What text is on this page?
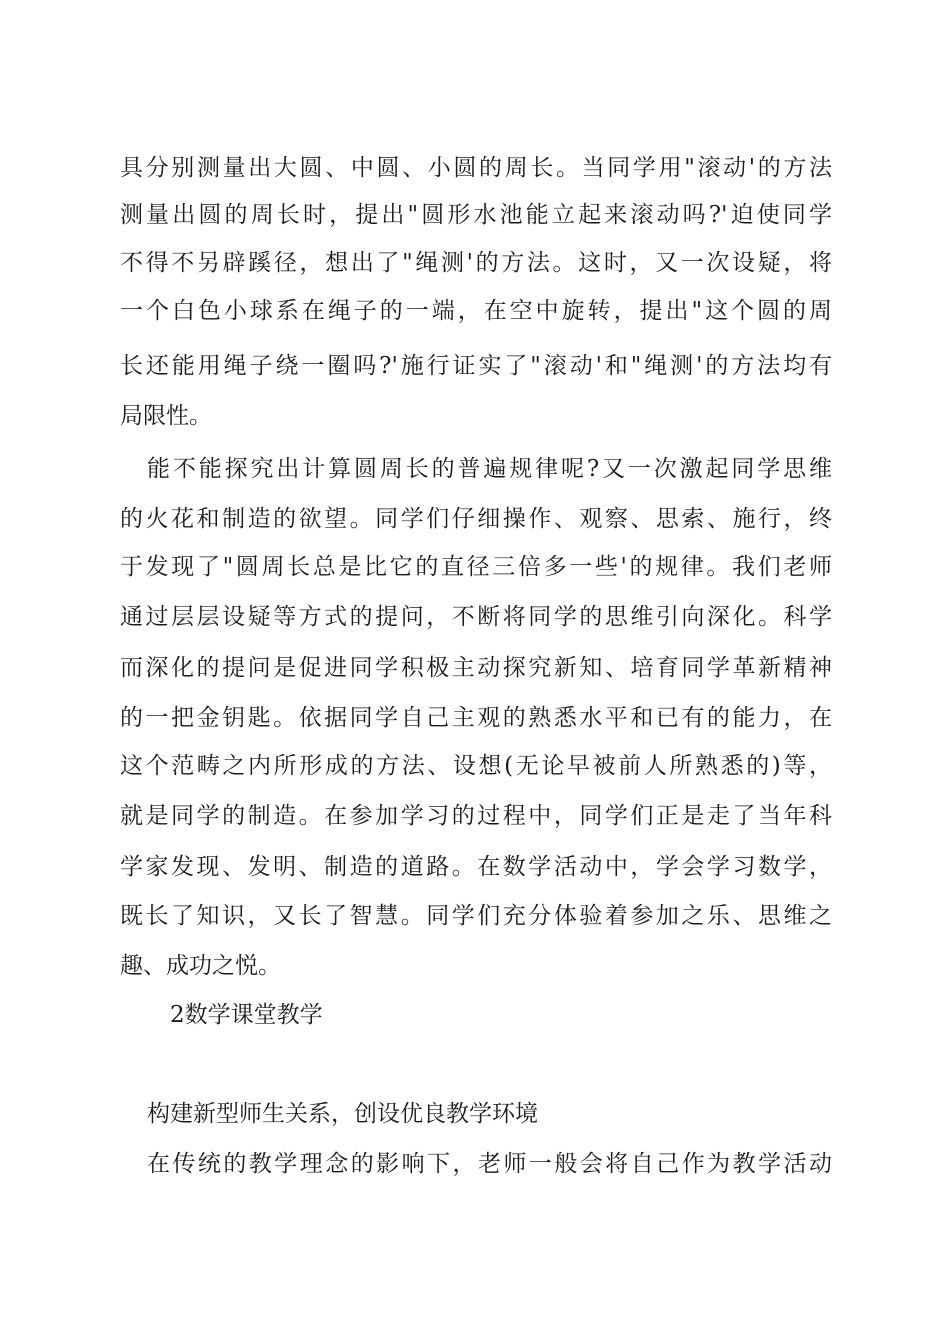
具分别测量出大圆、中圆、小圆的周长。当同学用"滚动'的方法
测量出圆的周长时，提出"圆形水池能立起来滚动吗?'迫使同学
不得不另辟蹊径，想出了"绳测'的方法。这时，又一次设疑，将
一个白色小球系在绳子的一端，在空中旋转，提出"这个圆的周
长还能用绳子绕一圈吗?'施行证实了"滚动'和"绳测'的方法均有
局限性。
能不能探究出计算圆周长的普遍规律呢?又一次激起同学思维
的火花和制造的欲望。同学们仔细操作、观察、思索、施行，终
于发现了"圆周长总是比它的直径三倍多一些'的规律。我们老师
通过层层设疑等方式的提问，不断将同学的思维引向深化。科学
而深化的提问是促进同学积极主动探究新知、培育同学革新精神
的一把金钥匙。依据同学自己主观的熟悉水平和已有的能力，在
这个范畴之内所形成的方法、设想(无论早被前人所熟悉的)等，
就是同学的制造。在参加学习的过程中，同学们正是走了当年科
学家发现、发明、制造的道路。在数学活动中，学会学习数学，
既长了知识，又长了智慧。同学们充分体验着参加之乐、思维之
趣、成功之悦。
2数学课堂教学
构建新型师生关系，创设优良教学环境
在传统的教学理念的影响下，老师一般会将自己作为教学活动
